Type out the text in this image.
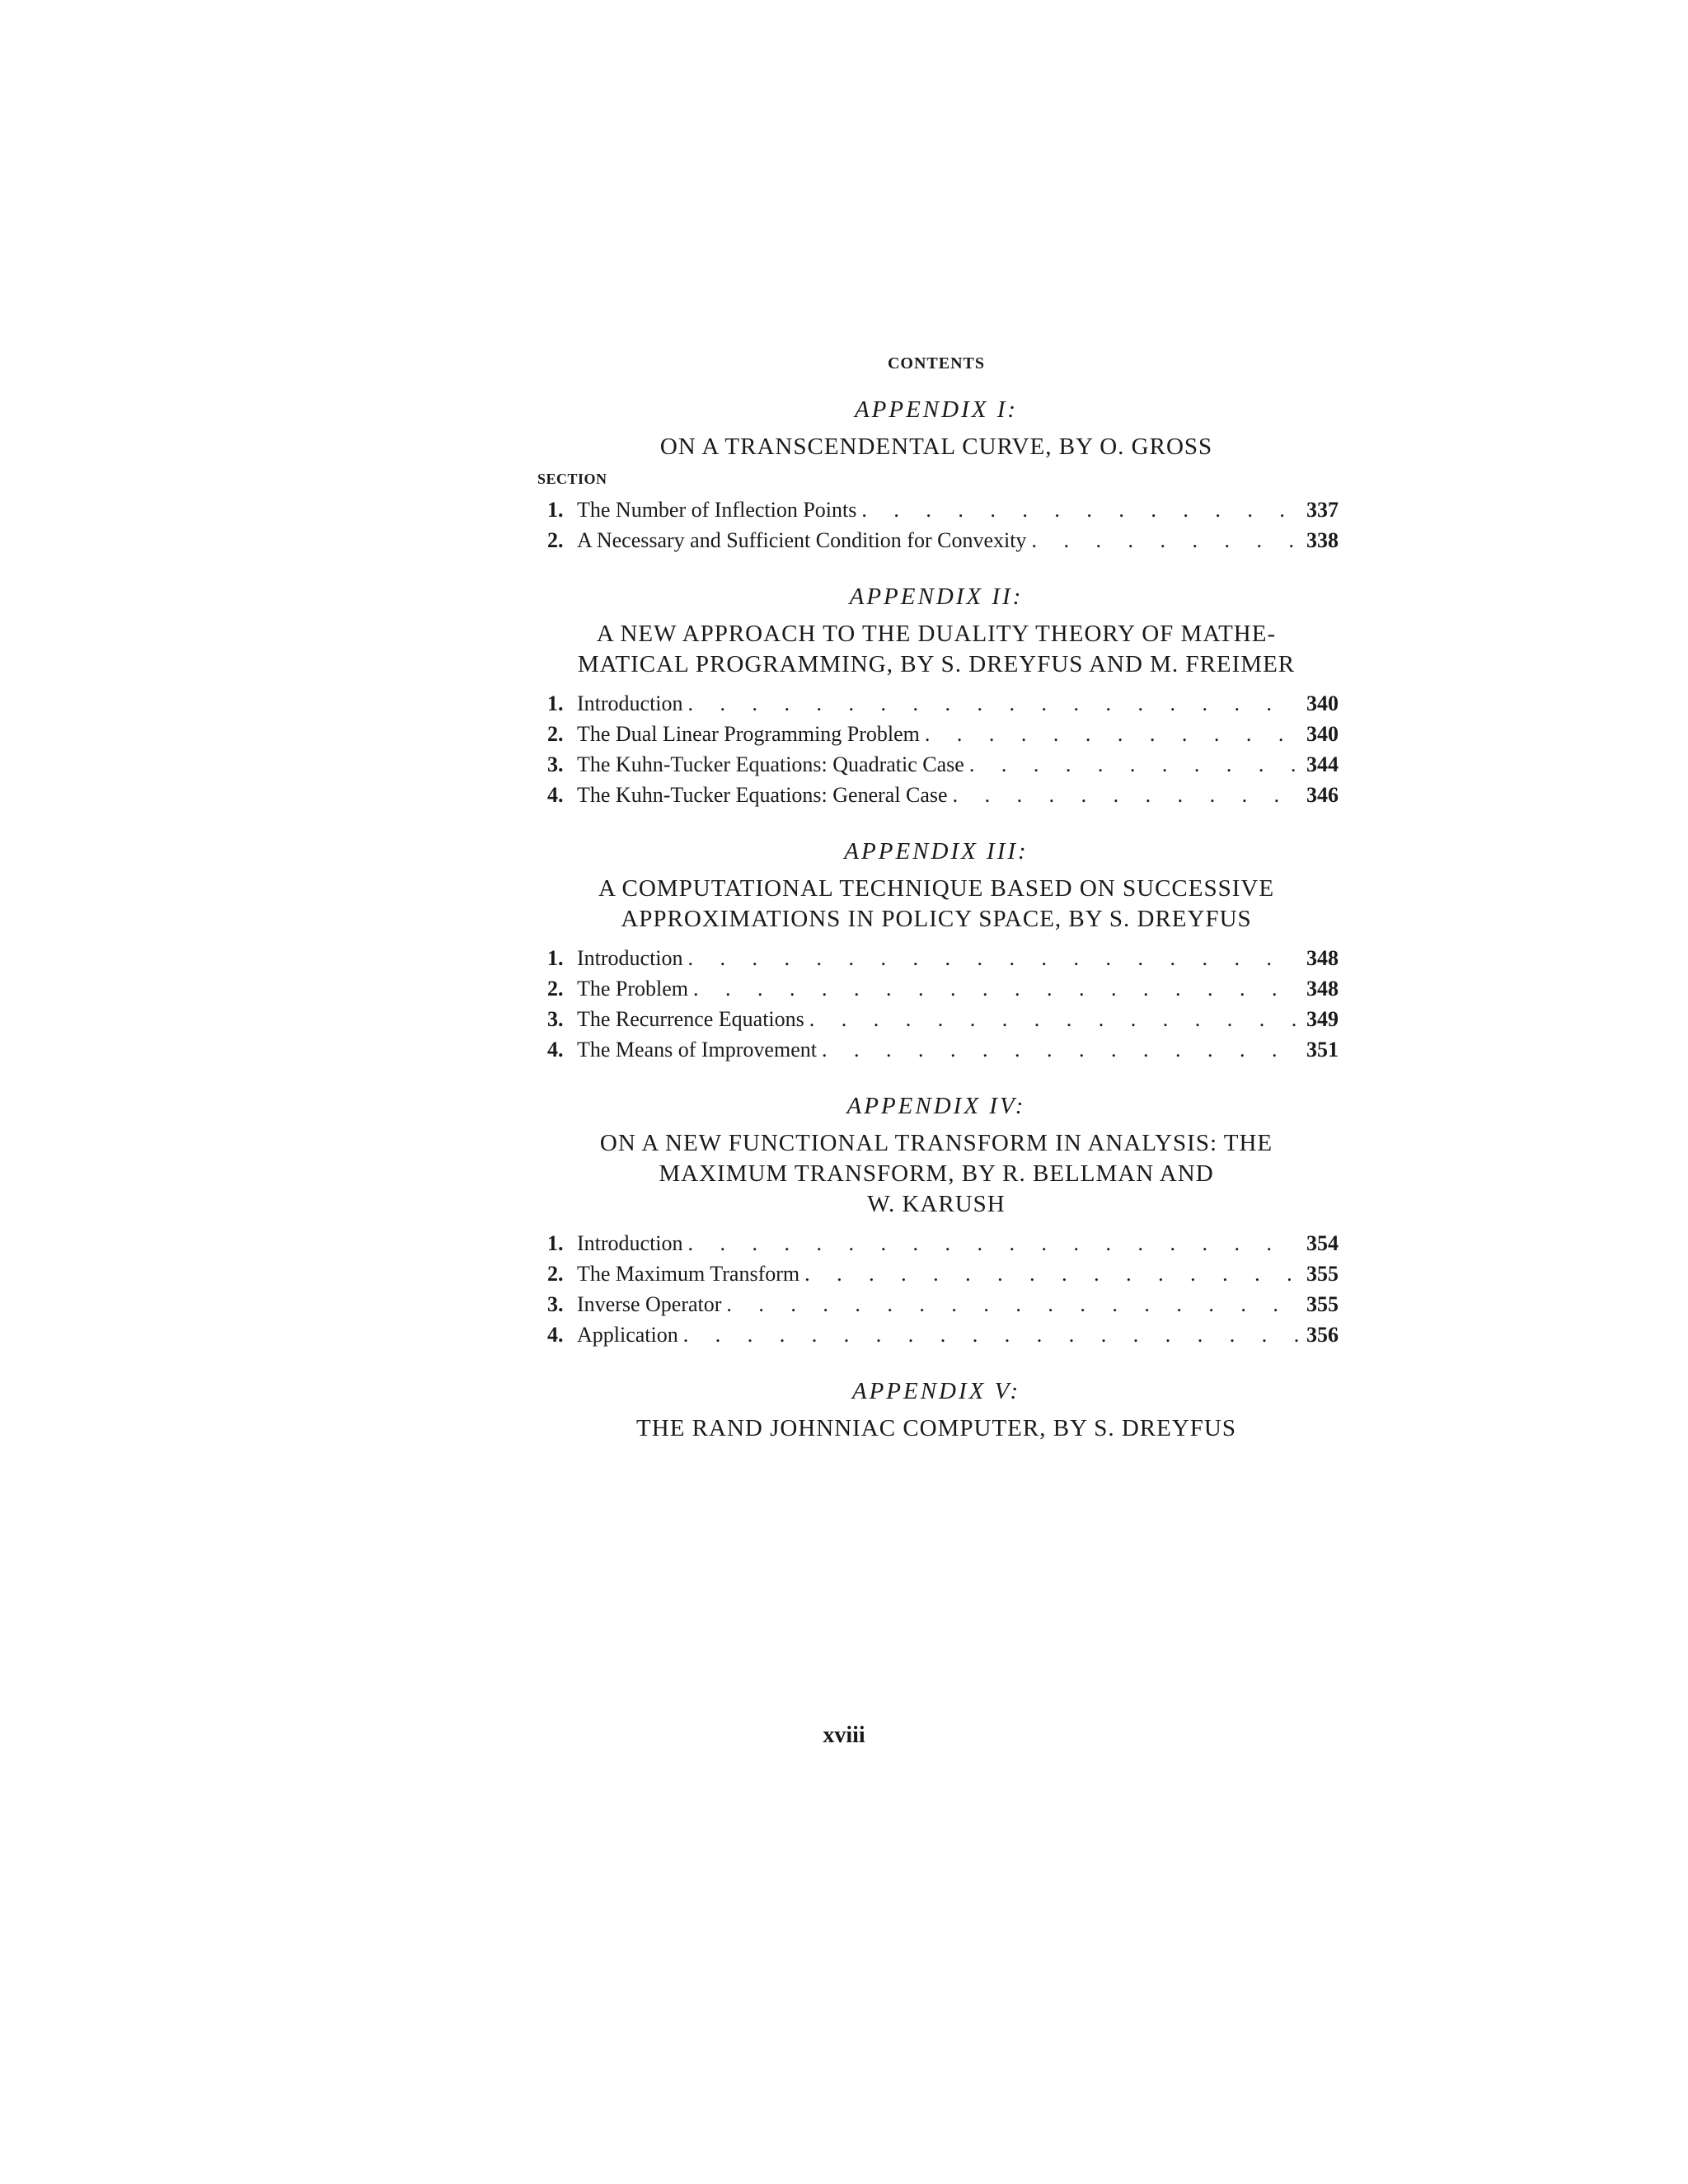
CONTENTS
APPENDIX I:
ON A TRANSCENDENTAL CURVE, BY O. GROSS
SECTION
1. The Number of Inflection Points . . .	337
2. A Necessary and Sufficient Condition for Convexity . . .	338
APPENDIX II:
A NEW APPROACH TO THE DUALITY THEORY OF MATHE-
MATICAL PROGRAMMING, BY S. DREYFUS AND M. FREIMER
1. Introduction . . .	340
2. The Dual Linear Programming Problem . . .	340
3. The Kuhn-Tucker Equations: Quadratic Case . . .	344
4. The Kuhn-Tucker Equations: General Case . . .	346
APPENDIX III:
A COMPUTATIONAL TECHNIQUE BASED ON SUCCESSIVE
APPROXIMATIONS IN POLICY SPACE, BY S. DREYFUS
1. Introduction . . .	348
2. The Problem . . .	348
3. The Recurrence Equations . . .	349
4. The Means of Improvement . . .	351
APPENDIX IV:
ON A NEW FUNCTIONAL TRANSFORM IN ANALYSIS: THE
MAXIMUM TRANSFORM, BY R. BELLMAN AND
W. KARUSH
1. Introduction . . .	354
2. The Maximum Transform . . .	355
3. Inverse Operator . . .	355
4. Application . . .	356
APPENDIX V:
THE RAND JOHNNIAC COMPUTER, BY S. DREYFUS
xviii
